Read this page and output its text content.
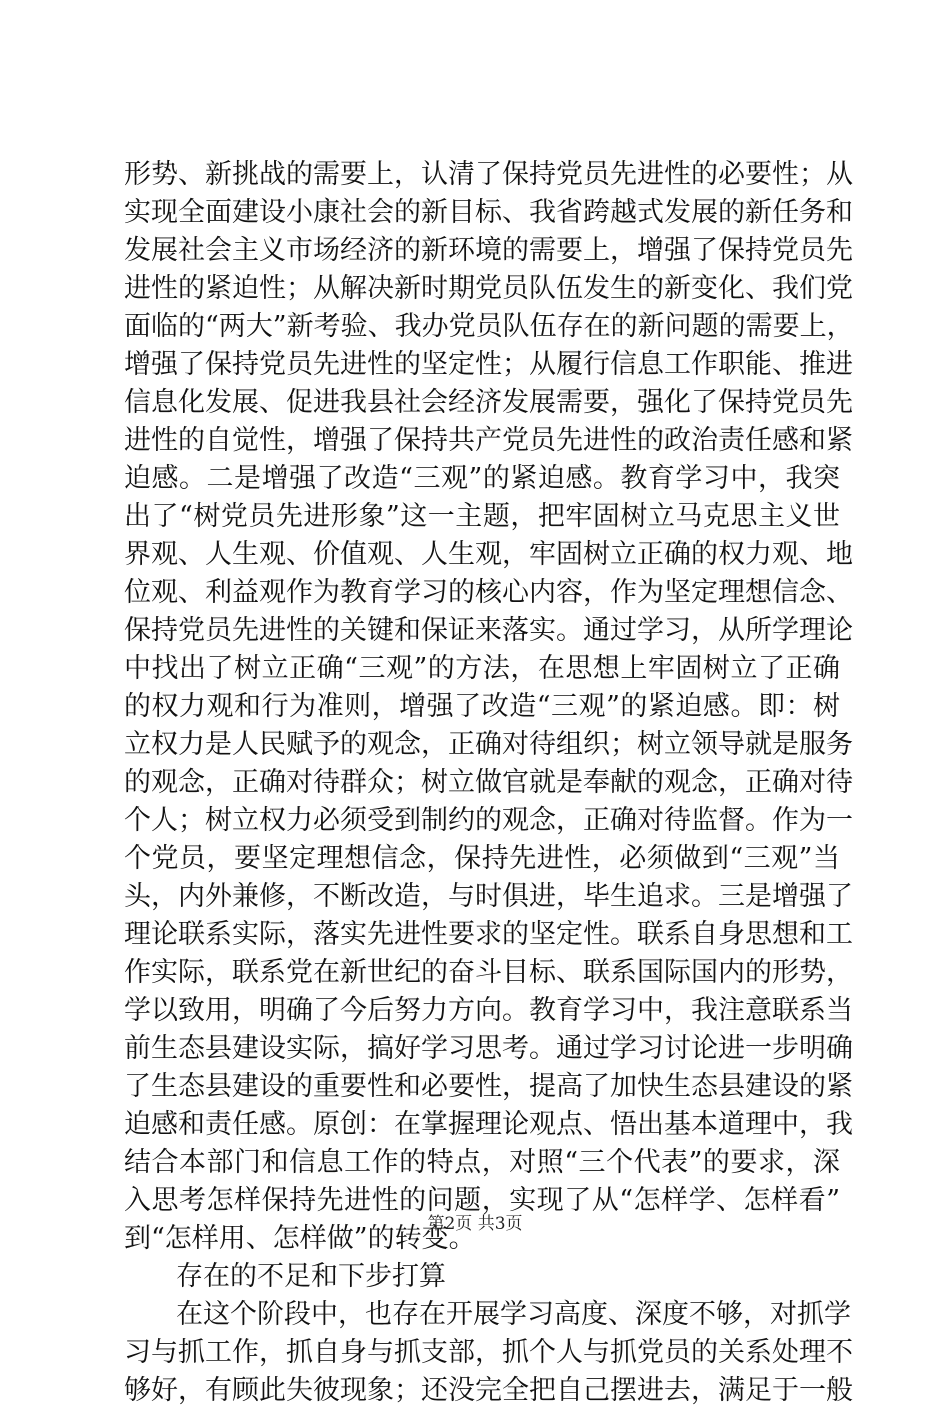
形势、新挑战的需要上，认清了保持党员先进性的必要性；从
实现全面建设小康社会的新目标、我省跨越式发展的新任务和
发展社会主义市场经济的新环境的需要上，增强了保持党员先
进性的紧迫性；从解决新时期党员队伍发生的新变化、我们党
面临的“两大”新考验、我办党员队伍存在的新问题的需要上，
增强了保持党员先进性的坚定性；从履行信息工作职能、推进
信息化发展、促进我县社会经济发展需要，强化了保持党员先
进性的自觉性，增强了保持共产党员先进性的政治责任感和紧
迫感。二是增强了改造“三观”的紧迫感。教育学习中，我突
出了“树党员先进形象”这一主题，把牢固树立马克思主义世
界观、人生观、价值观、人生观，牢固树立正确的权力观、地
位观、利益观作为教育学习的核心内容，作为坚定理想信念、
保持党员先进性的关键和保证来落实。通过学习，从所学理论
中找出了树立正确“三观”的方法，在思想上牢固树立了正确
的权力观和行为准则，增强了改造“三观”的紧迫感。即：树
立权力是人民赋予的观念，正确对待组织；树立领导就是服务
的观念，正确对待群众；树立做官就是奉献的观念，正确对待
个人；树立权力必须受到制约的观念，正确对待监督。作为一
个党员，要坚定理想信念，保持先进性，必须做到“三观”当
头，内外兼修，不断改造，与时俱进，毕生追求。三是增强了
理论联系实际，落实先进性要求的坚定性。联系自身思想和工
作实际，联系党在新世纪的奋斗目标、联系国际国内的形势，
学以致用，明确了今后努力方向。教育学习中，我注意联系当
前生态县建设实际，搞好学习思考。通过学习讨论进一步明确
了生态县建设的重要性和必要性，提高了加快生态县建设的紧
迫感和责任感。原创：在掌握理论观点、悟出基本道理中，我
结合本部门和信息工作的特点，对照“三个代表”的要求，深
入思考怎样保持先进性的问题，实现了从“怎样学、怎样看”
到“怎样用、怎样做”的转变。
存在的不足和下步打算
在这个阶段中，也存在开展学习高度、深度不够，对抓学
习与抓工作，抓自身与抓支部，抓个人与抓党员的关系处理不
够好，有顾此失彼现象；还没完全把自己摆进去，满足于一般
第2页 共3页
